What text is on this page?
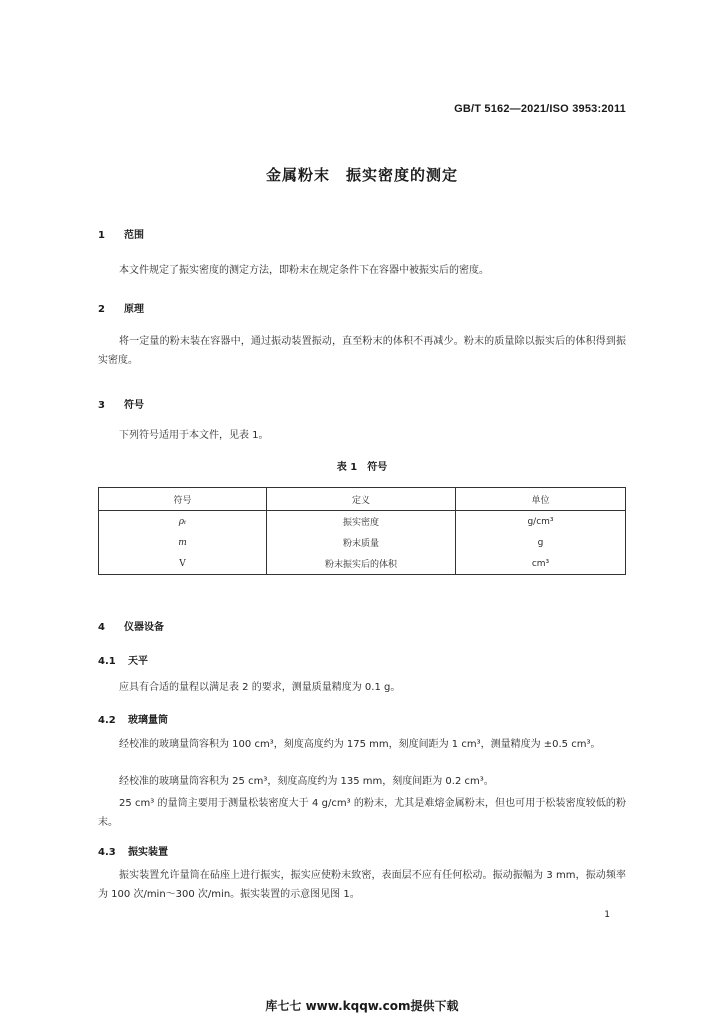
GB/T 5162—2021/ISO 3953:2011
金属粉末　振实密度的测定
1 范围
本文件规定了振实密度的测定方法，即粉末在规定条件下在容器中被振实后的密度。
2 原理
将一定量的粉末装在容器中，通过振动装置振动，直至粉末的体积不再减少。粉末的质量除以振实后的体积得到振实密度。
3 符号
下列符号适用于本文件，见表 1。
表 1　符号
符号	定义	单位
ρₜ	振实密度	g/cm³
m	粉末质量	g
V	粉末振实后的体积	cm³
4 仪器设备
4.1 天平
应具有合适的量程以满足表 2 的要求，测量质量精度为 0.1 g。
4.2 玻璃量筒
经校准的玻璃量筒容积为 100 cm³，刻度高度约为 175 mm，刻度间距为 1 cm³，测量精度为 ±0.5 cm³。
经校准的玻璃量筒容积为 25 cm³，刻度高度约为 135 mm，刻度间距为 0.2 cm³。
25 cm³ 的量筒主要用于测量松装密度大于 4 g/cm³ 的粉末，尤其是难熔金属粉末，但也可用于松装密度较低的粉末。
4.3 振实装置
振实装置允许量筒在砧座上进行振实，振实应使粉末致密，表面层不应有任何松动。振动振幅为 3 mm，振动频率为 100 次/min～300 次/min。振实装置的示意图见图 1。
1
库七七 www.kqqw.com提供下载
